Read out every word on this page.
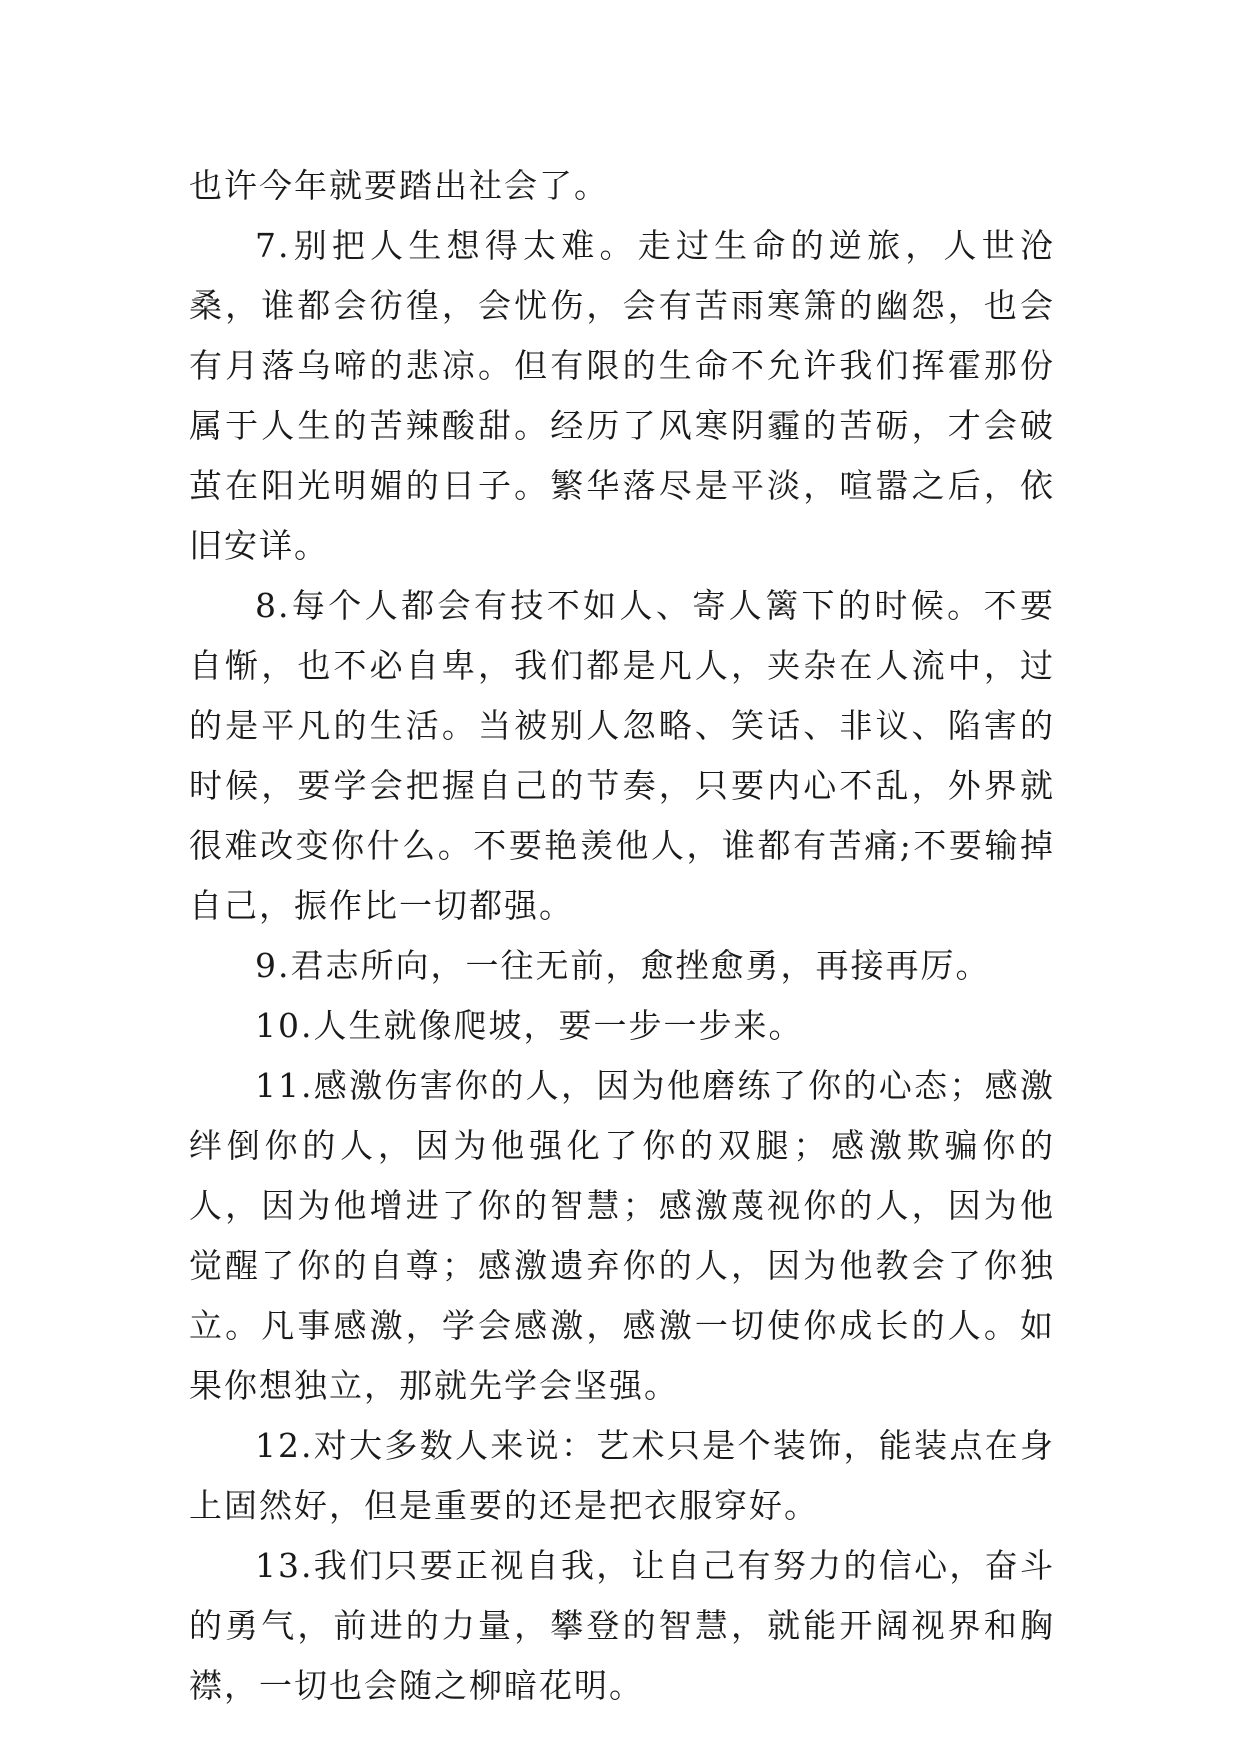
也许今年就要踏出社会了。

7.别把人生想得太难。走过生命的逆旅，人世沧桑，谁都会彷徨，会忧伤，会有苦雨寒箫的幽怨，也会有月落乌啼的悲凉。但有限的生命不允许我们挥霍那份属于人生的苦辣酸甜。经历了风寒阴霾的苦砺，才会破茧在阳光明媚的日子。繁华落尽是平淡，喧嚣之后，依旧安详。

8.每个人都会有技不如人、寄人篱下的时候。不要自惭，也不必自卑，我们都是凡人，夹杂在人流中，过的是平凡的生活。当被别人忽略、笑话、非议、陷害的时候，要学会把握自己的节奏，只要内心不乱，外界就很难改变你什么。不要艳羡他人，谁都有苦痛;不要输掉自己，振作比一切都强。

9.君志所向，一往无前，愈挫愈勇，再接再厉。

10.人生就像爬坡，要一步一步来。

11.感激伤害你的人，因为他磨练了你的心态；感激绊倒你的人，因为他强化了你的双腿；感激欺骗你的人，因为他增进了你的智慧；感激蔑视你的人，因为他觉醒了你的自尊；感激遗弃你的人，因为他教会了你独立。凡事感激，学会感激，感激一切使你成长的人。如果你想独立，那就先学会坚强。

12.对大多数人来说：艺术只是个装饰，能装点在身上固然好，但是重要的还是把衣服穿好。

13.我们只要正视自我，让自己有努力的信心，奋斗的勇气，前进的力量，攀登的智慧，就能开阔视界和胸襟，一切也会随之柳暗花明。
